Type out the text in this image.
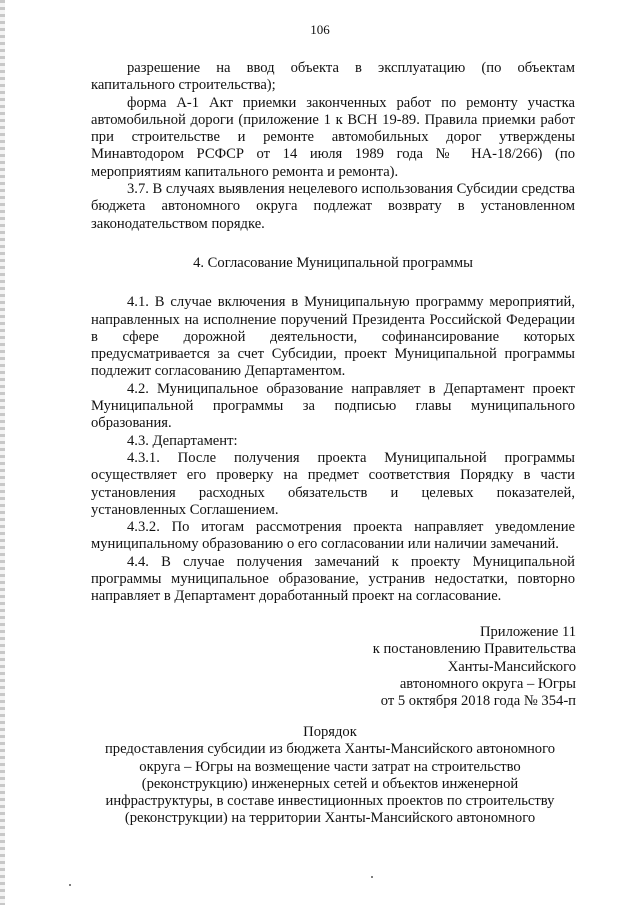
106

разрешение на ввод объекта в эксплуатацию (по объектам капитального строительства);

форма А-1 Акт приемки законченных работ по ремонту участка автомобильной дороги (приложение 1 к ВСН 19-89. Правила приемки работ при строительстве и ремонте автомобильных дорог утверждены Минавтодором РСФСР от 14 июля 1989 года № НА-18/266) (по мероприятиям капитального ремонта и ремонта).

3.7. В случаях выявления нецелевого использования Субсидии средства бюджета автономного округа подлежат возврату в установленном законодательством порядке.

4. Согласование Муниципальной программы

4.1. В случае включения в Муниципальную программу мероприятий, направленных на исполнение поручений Президента Российской Федерации в сфере дорожной деятельности, софинансирование которых предусматривается за счет Субсидии, проект Муниципальной программы подлежит согласованию Департаментом.

4.2. Муниципальное образование направляет в Департамент проект Муниципальной программы за подписью главы муниципального образования.

4.3. Департамент:

4.3.1. После получения проекта Муниципальной программы осуществляет его проверку на предмет соответствия Порядку в части установления расходных обязательств и целевых показателей, установленных Соглашением.

4.3.2. По итогам рассмотрения проекта направляет уведомление муниципальному образованию о его согласовании или наличии замечаний.

4.4. В случае получения замечаний к проекту Муниципальной программы муниципальное образование, устранив недостатки, повторно направляет в Департамент доработанный проект на согласование.

Приложение 11
к постановлению Правительства
Ханты-Мансийского
автономного округа – Югры
от 5 октября 2018 года № 354-п
Порядок
предоставления субсидии из бюджета Ханты-Мансийского автономного
округа – Югры на возмещение части затрат на строительство
(реконструкцию) инженерных сетей и объектов инженерной
инфраструктуры, в составе инвестиционных проектов по строительству
(реконструкции) на территории Ханты-Мансийского автономного
